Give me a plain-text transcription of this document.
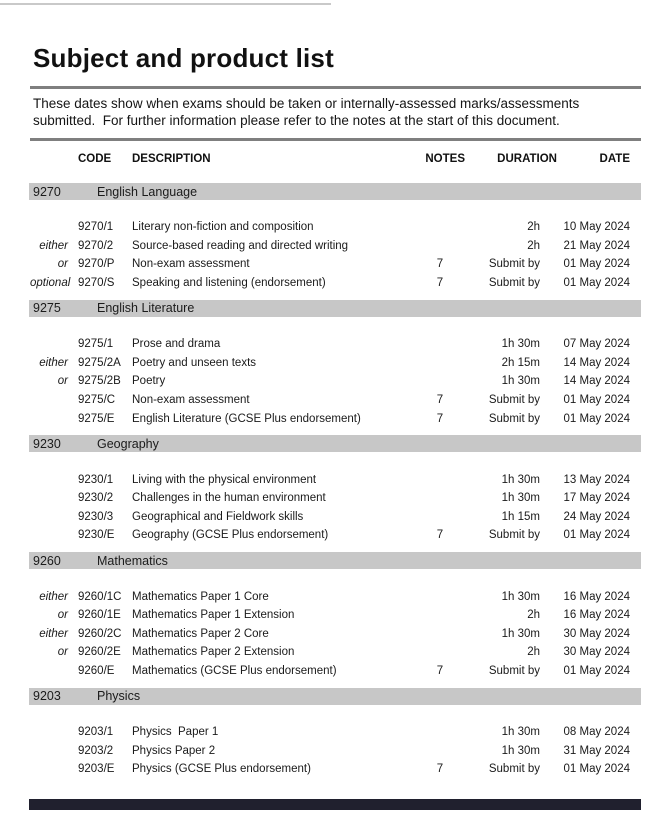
Subject and product list
These dates show when exams should be taken or internally-assessed marks/assessments
submitted.  For further information please refer to the notes at the start of this document.
CODE	DESCRIPTION	NOTES	DURATION	DATE
9270	English Language
9270/1	Literary non-fiction and composition	2h	10 May 2024
either 9270/2	Source-based reading and directed writing	2h	21 May 2024
or 9270/P	Non-exam assessment	7	Submit by	01 May 2024
optional 9270/S	Speaking and listening (endorsement)	7	Submit by	01 May 2024
9275	English Literature
9275/1	Prose and drama	1h 30m	07 May 2024
either 9275/2A Poetry and unseen texts	2h 15m	14 May 2024
or 9275/2B Poetry	1h 30m	14 May 2024
9275/C	Non-exam assessment	7	Submit by	01 May 2024
9275/E	English Literature (GCSE Plus endorsement)	7	Submit by	01 May 2024
9230	Geography
9230/1	Living with the physical environment	1h 30m	13 May 2024
9230/2	Challenges in the human environment	1h 30m	17 May 2024
9230/3	Geographical and Fieldwork skills	1h 15m	24 May 2024
9230/E	Geography (GCSE Plus endorsement)	7	Submit by	01 May 2024
9260	Mathematics
either 9260/1C Mathematics Paper 1 Core	1h 30m	16 May 2024
or 9260/1E Mathematics Paper 1 Extension	2h	16 May 2024
either 9260/2C Mathematics Paper 2 Core	1h 30m	30 May 2024
or 9260/2E Mathematics Paper 2 Extension	2h	30 May 2024
9260/E	Mathematics (GCSE Plus endorsement)	7	Submit by	01 May 2024
9203	Physics
9203/1	Physics  Paper 1	1h 30m	08 May 2024
9203/2	Physics Paper 2	1h 30m	31 May 2024
9203/E	Physics (GCSE Plus endorsement)	7	Submit by	01 May 2024
